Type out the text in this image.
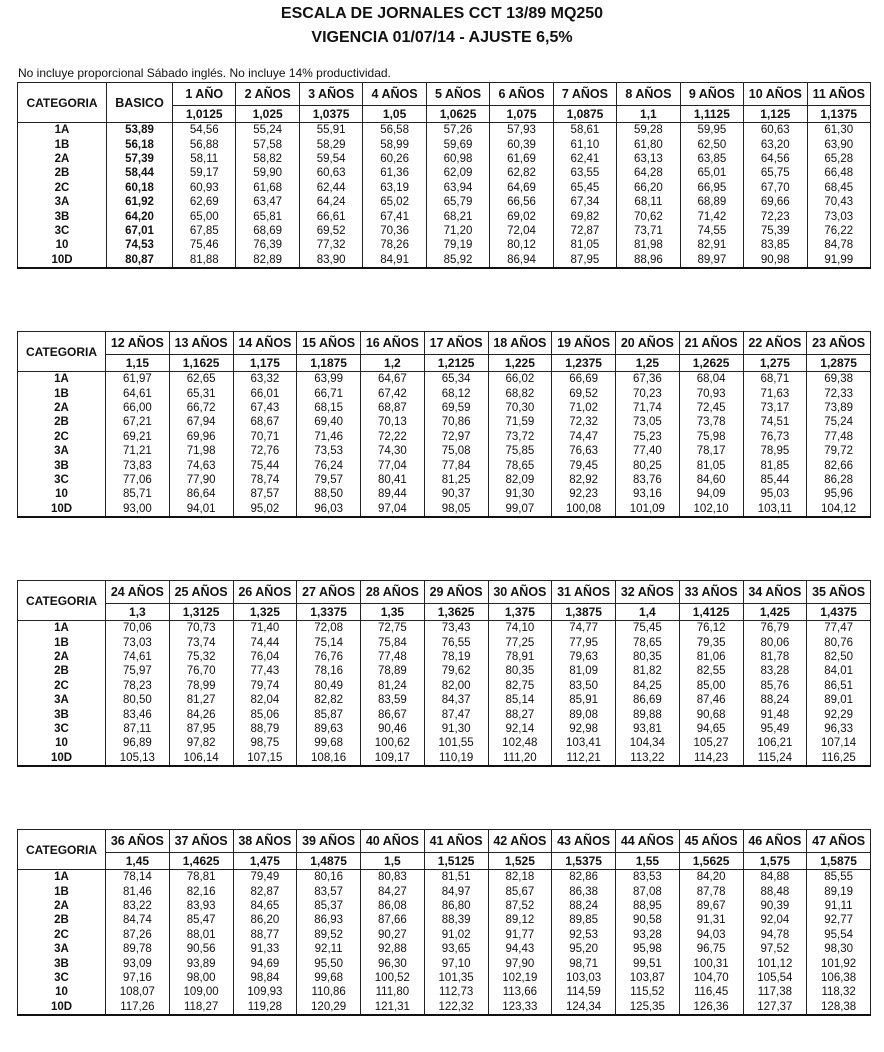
ESCALA DE JORNALES CCT 13/89 MQ250
VIGENCIA 01/07/14 - AJUSTE 6,5%
No incluye proporcional Sábado inglés. No incluye 14% productividad.
CATEGORIA	BASICO	1 AÑO	2 AÑOS	3 AÑOS	4 AÑOS	5 AÑOS	6 AÑOS	7 AÑOS	8 AÑOS	9 AÑOS	10 AÑOS	11 AÑOS
		1,0125	1,025	1,0375	1,05	1,0625	1,075	1,0875	1,1	1,1125	1,125	1,1375
1A	53,89	54,56	55,24	55,91	56,58	57,26	57,93	58,61	59,28	59,95	60,63	61,30
1B	56,18	56,88	57,58	58,29	58,99	59,69	60,39	61,10	61,80	62,50	63,20	63,90
2A	57,39	58,11	58,82	59,54	60,26	60,98	61,69	62,41	63,13	63,85	64,56	65,28
2B	58,44	59,17	59,90	60,63	61,36	62,09	62,82	63,55	64,28	65,01	65,75	66,48
2C	60,18	60,93	61,68	62,44	63,19	63,94	64,69	65,45	66,20	66,95	67,70	68,45
3A	61,92	62,69	63,47	64,24	65,02	65,79	66,56	67,34	68,11	68,89	69,66	70,43
3B	64,20	65,00	65,81	66,61	67,41	68,21	69,02	69,82	70,62	71,42	72,23	73,03
3C	67,01	67,85	68,69	69,52	70,36	71,20	72,04	72,87	73,71	74,55	75,39	76,22
10	74,53	75,46	76,39	77,32	78,26	79,19	80,12	81,05	81,98	82,91	83,85	84,78
10D	80,87	81,88	82,89	83,90	84,91	85,92	86,94	87,95	88,96	89,97	90,98	91,99
CATEGORIA	12 AÑOS	13 AÑOS	14 AÑOS	15 AÑOS	16 AÑOS	17 AÑOS	18 AÑOS	19 AÑOS	20 AÑOS	21 AÑOS	22 AÑOS	23 AÑOS
	1,15	1,1625	1,175	1,1875	1,2	1,2125	1,225	1,2375	1,25	1,2625	1,275	1,2875
1A	61,97	62,65	63,32	63,99	64,67	65,34	66,02	66,69	67,36	68,04	68,71	69,38
1B	64,61	65,31	66,01	66,71	67,42	68,12	68,82	69,52	70,23	70,93	71,63	72,33
2A	66,00	66,72	67,43	68,15	68,87	69,59	70,30	71,02	71,74	72,45	73,17	73,89
2B	67,21	67,94	68,67	69,40	70,13	70,86	71,59	72,32	73,05	73,78	74,51	75,24
2C	69,21	69,96	70,71	71,46	72,22	72,97	73,72	74,47	75,23	75,98	76,73	77,48
3A	71,21	71,98	72,76	73,53	74,30	75,08	75,85	76,63	77,40	78,17	78,95	79,72
3B	73,83	74,63	75,44	76,24	77,04	77,84	78,65	79,45	80,25	81,05	81,85	82,66
3C	77,06	77,90	78,74	79,57	80,41	81,25	82,09	82,92	83,76	84,60	85,44	86,28
10	85,71	86,64	87,57	88,50	89,44	90,37	91,30	92,23	93,16	94,09	95,03	95,96
10D	93,00	94,01	95,02	96,03	97,04	98,05	99,07	100,08	101,09	102,10	103,11	104,12
CATEGORIA	24 AÑOS	25 AÑOS	26 AÑOS	27 AÑOS	28 AÑOS	29 AÑOS	30 AÑOS	31 AÑOS	32 AÑOS	33 AÑOS	34 AÑOS	35 AÑOS
	1,3	1,3125	1,325	1,3375	1,35	1,3625	1,375	1,3875	1,4	1,4125	1,425	1,4375
1A	70,06	70,73	71,40	72,08	72,75	73,43	74,10	74,77	75,45	76,12	76,79	77,47
1B	73,03	73,74	74,44	75,14	75,84	76,55	77,25	77,95	78,65	79,35	80,06	80,76
2A	74,61	75,32	76,04	76,76	77,48	78,19	78,91	79,63	80,35	81,06	81,78	82,50
2B	75,97	76,70	77,43	78,16	78,89	79,62	80,35	81,09	81,82	82,55	83,28	84,01
2C	78,23	78,99	79,74	80,49	81,24	82,00	82,75	83,50	84,25	85,00	85,76	86,51
3A	80,50	81,27	82,04	82,82	83,59	84,37	85,14	85,91	86,69	87,46	88,24	89,01
3B	83,46	84,26	85,06	85,87	86,67	87,47	88,27	89,08	89,88	90,68	91,48	92,29
3C	87,11	87,95	88,79	89,63	90,46	91,30	92,14	92,98	93,81	94,65	95,49	96,33
10	96,89	97,82	98,75	99,68	100,62	101,55	102,48	103,41	104,34	105,27	106,21	107,14
10D	105,13	106,14	107,15	108,16	109,17	110,19	111,20	112,21	113,22	114,23	115,24	116,25
CATEGORIA	36 AÑOS	37 AÑOS	38 AÑOS	39 AÑOS	40 AÑOS	41 AÑOS	42 AÑOS	43 AÑOS	44 AÑOS	45 AÑOS	46 AÑOS	47 AÑOS
	1,45	1,4625	1,475	1,4875	1,5	1,5125	1,525	1,5375	1,55	1,5625	1,575	1,5875
1A	78,14	78,81	79,49	80,16	80,83	81,51	82,18	82,86	83,53	84,20	84,88	85,55
1B	81,46	82,16	82,87	83,57	84,27	84,97	85,67	86,38	87,08	87,78	88,48	89,19
2A	83,22	83,93	84,65	85,37	86,08	86,80	87,52	88,24	88,95	89,67	90,39	91,11
2B	84,74	85,47	86,20	86,93	87,66	88,39	89,12	89,85	90,58	91,31	92,04	92,77
2C	87,26	88,01	88,77	89,52	90,27	91,02	91,77	92,53	93,28	94,03	94,78	95,54
3A	89,78	90,56	91,33	92,11	92,88	93,65	94,43	95,20	95,98	96,75	97,52	98,30
3B	93,09	93,89	94,69	95,50	96,30	97,10	97,90	98,71	99,51	100,31	101,12	101,92
3C	97,16	98,00	98,84	99,68	100,52	101,35	102,19	103,03	103,87	104,70	105,54	106,38
10	108,07	109,00	109,93	110,86	111,80	112,73	113,66	114,59	115,52	116,45	117,38	118,32
10D	117,26	118,27	119,28	120,29	121,31	122,32	123,33	124,34	125,35	126,36	127,37	128,38
